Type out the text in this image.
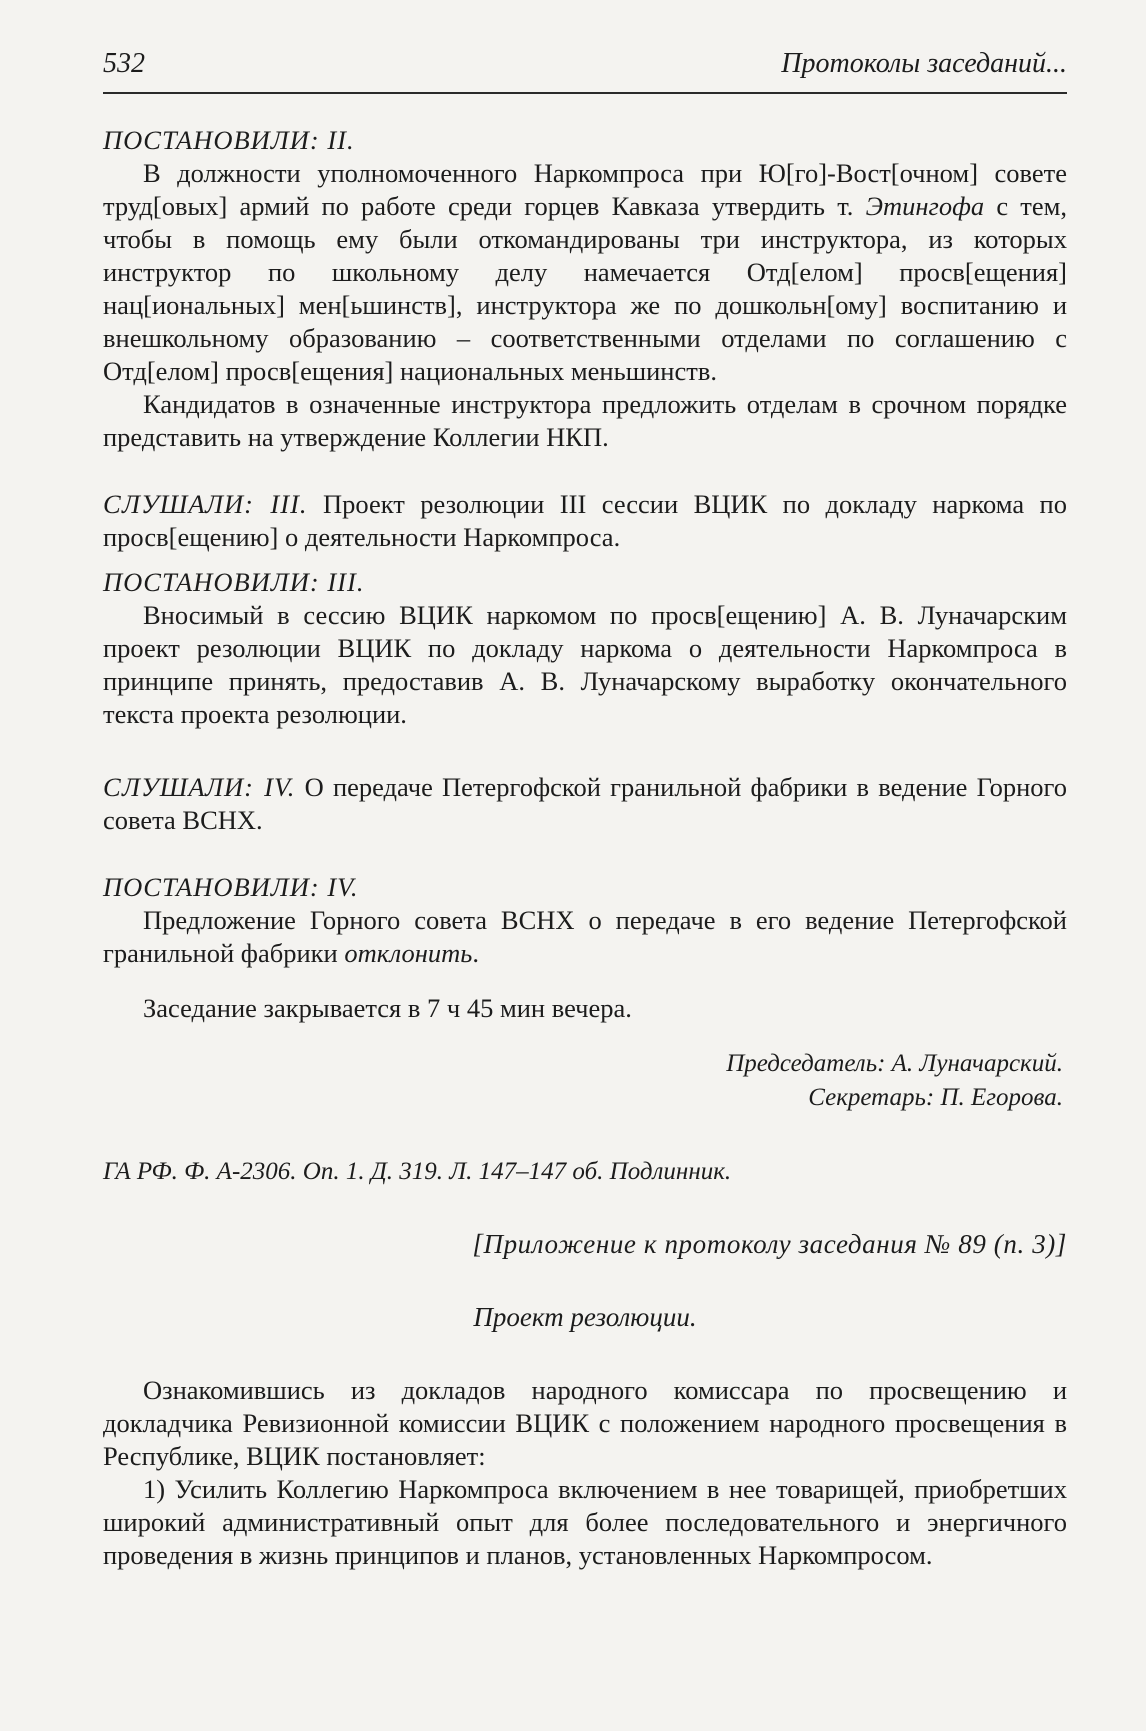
532	Протоколы заседаний...

ПОСТАНОВИЛИ: II.

В должности уполномоченного Наркомпроса при Ю[го]-Вост[очном] совете труд[овых] армий по работе среди горцев Кавказа утвердить т. Этингофа с тем, чтобы в помощь ему были откомандированы три инструктора, из которых инструктор по школьному делу намечается Отд[елом] просв[ещения] нац[иональных] мен[ьшинств], инструктора же по дошкольн[ому] воспитанию и внешкольному образованию – соответственными отделами по соглашению с Отд[елом] просв[ещения] национальных меньшинств.

Кандидатов в означенные инструктора предложить отделам в срочном порядке представить на утверждение Коллегии НКП.

СЛУШАЛИ: III. Проект резолюции III сессии ВЦИК по докладу наркома по просв[ещению] о деятельности Наркомпроса.

ПОСТАНОВИЛИ: III.

Вносимый в сессию ВЦИК наркомом по просв[ещению] А. В. Луначарским проект резолюции ВЦИК по докладу наркома о деятельности Наркомпроса в принципе принять, предоставив А. В. Луначарскому выработку окончательного текста проекта резолюции.

СЛУШАЛИ: IV. О передаче Петергофской гранильной фабрики в ведение Горного совета ВСНХ.

ПОСТАНОВИЛИ: IV.

Предложение Горного совета ВСНХ о передаче в его ведение Петергофской гранильной фабрики отклонить.

Заседание закрывается в 7 ч 45 мин вечера.

Председатель: А. Луначарский.

Секретарь: П. Егорова.

ГА РФ. Ф. А-2306. Оп. 1. Д. 319. Л. 147–147 об. Подлинник.

[Приложение к протоколу заседания № 89 (п. 3)]

Проект резолюции.

Ознакомившись из докладов народного комиссара по просвещению и докладчика Ревизионной комиссии ВЦИК с положением народного просвещения в Республике, ВЦИК постановляет:

1) Усилить Коллегию Наркомпроса включением в нее товарищей, приобретших широкий административный опыт для более последовательного и энергичного проведения в жизнь принципов и планов, установленных Наркомпросом.
